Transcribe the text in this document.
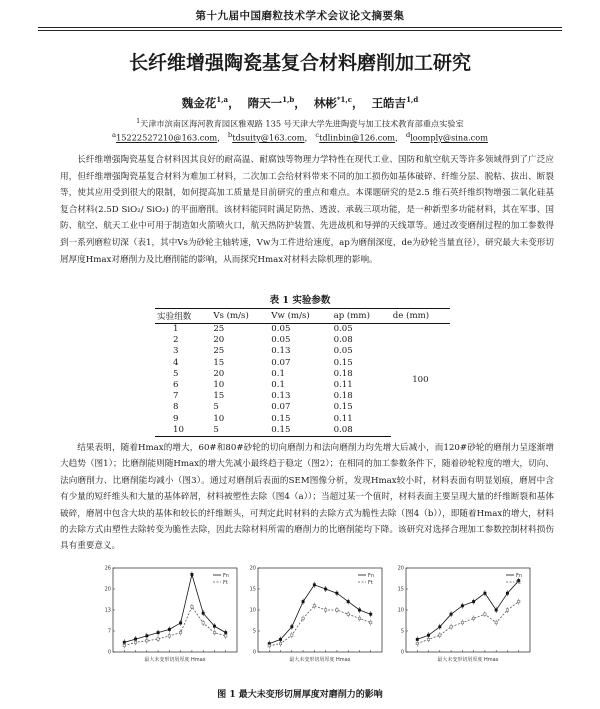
第十九届中国磨粒技术学术会议论文摘要集
长纤维增强陶瓷基复合材料磨削加工研究
魏金花$^{1,a}$，  隋天一$^{1,b}$，  林彬$^{*1,c}$，  王皓吉$^{1,d}$
$^1$天津市滨南区海河教育园区雅观路 135 号天津大学先进陶瓷与加工技术教育部重点实验室
$^a$15222527210@163.com， $^b$tdsuity@163.com， $^c$tdlinbin@126.com， $^d$loomply@sina.com
长纤维增强陶瓷基复合材料因其良好的耐高温、耐腐蚀等物理力学特性在现代工业、国防和航空航天等许多领域得到了广泛应用，但纤维增强陶瓷基复合材料为难加工材料，二次加工会给材料带来不同的加工损伤如基体破碎、纤维分层、脱粘、拔出、断裂等，使其应用受到很大的限制，如何提高加工质量是目前研究的重点和难点。本课题研究的是2.5 维石英纤维织物增强二氧化硅基复合材料(2.5D SiO₂/ SiO₂) 的平面磨削。该材料能同时满足防热、透波、承载三项功能，是一种新型多功能材料，其在军事、国防、航空、航天工业中可用于制造如火箭喷火口，航天热防护装置、先进战机和导弹的天线罩等。通过改变磨削过程的加工参数得到一系列磨粒切深（表1，其中Vs为砂轮主轴转速，Vw为工件进给速度，ap为磨削深度，de为砂轮当量直径），研究最大未变形切屑厚度Hmax对磨削力及比磨削能的影响，从而探究Hmax对材料去除机理的影响。
表 1 实验参数
实验组数	Vs (m/s)	Vw (m/s)	ap (mm)	de (mm)
1	25	0.05	0.05	100
2	20	0.05	0.08	
3	25	0.13	0.05	
4	15	0.07	0.15	
5	20	0.1	0.18	
6	10	0.1	0.11	
7	15	0.13	0.18	
8	5	0.07	0.15	
9	10	0.15	0.11	
10	5	0.15	0.08	
结果表明，随着Hmax的增大，60#和80#砂轮的切向磨削力和法向磨削力均先增大后减小，而120#砂轮的磨削力呈逐渐增大趋势（图1）；比磨削能则随Hmax的增大先减小最终趋于稳定（图2）；在相同的加工参数条件下，随着砂轮粒度的增大，切向、法向磨削力、比磨削能均减小（图3）。通过对磨削后表面的SEM图像分析，发现Hmax较小时，材料表面有明显划痕，磨屑中含有少量的短纤维头和大量的基体碎屑，材料被塑性去除（图4（a））；当超过某一个值时，材料表面主要呈现大量的纤维断裂和基体破碎，磨屑中包含大块的基体和较长的纤维断头，可判定此时材料的去除方式为脆性去除（图4（b）），即随着Hmax的增大，材料的去除方式由塑性去除转变为脆性去除，因此去除材料所需的磨削力的比磨削能均下降。该研究对选择合理加工参数控制材料损伤具有重要意义。
0
7
13
20
26
最大未变形切屑厚度 Hmax
Fn
Ft
0
5
10
15
20
最大未变形切屑厚度 Hmax
Fn
Ft
0
5
10
15
20
最大未变形切屑厚度 Hmax
Fn
Ft
图 1 最大未变形切屑厚度对磨削力的影响
